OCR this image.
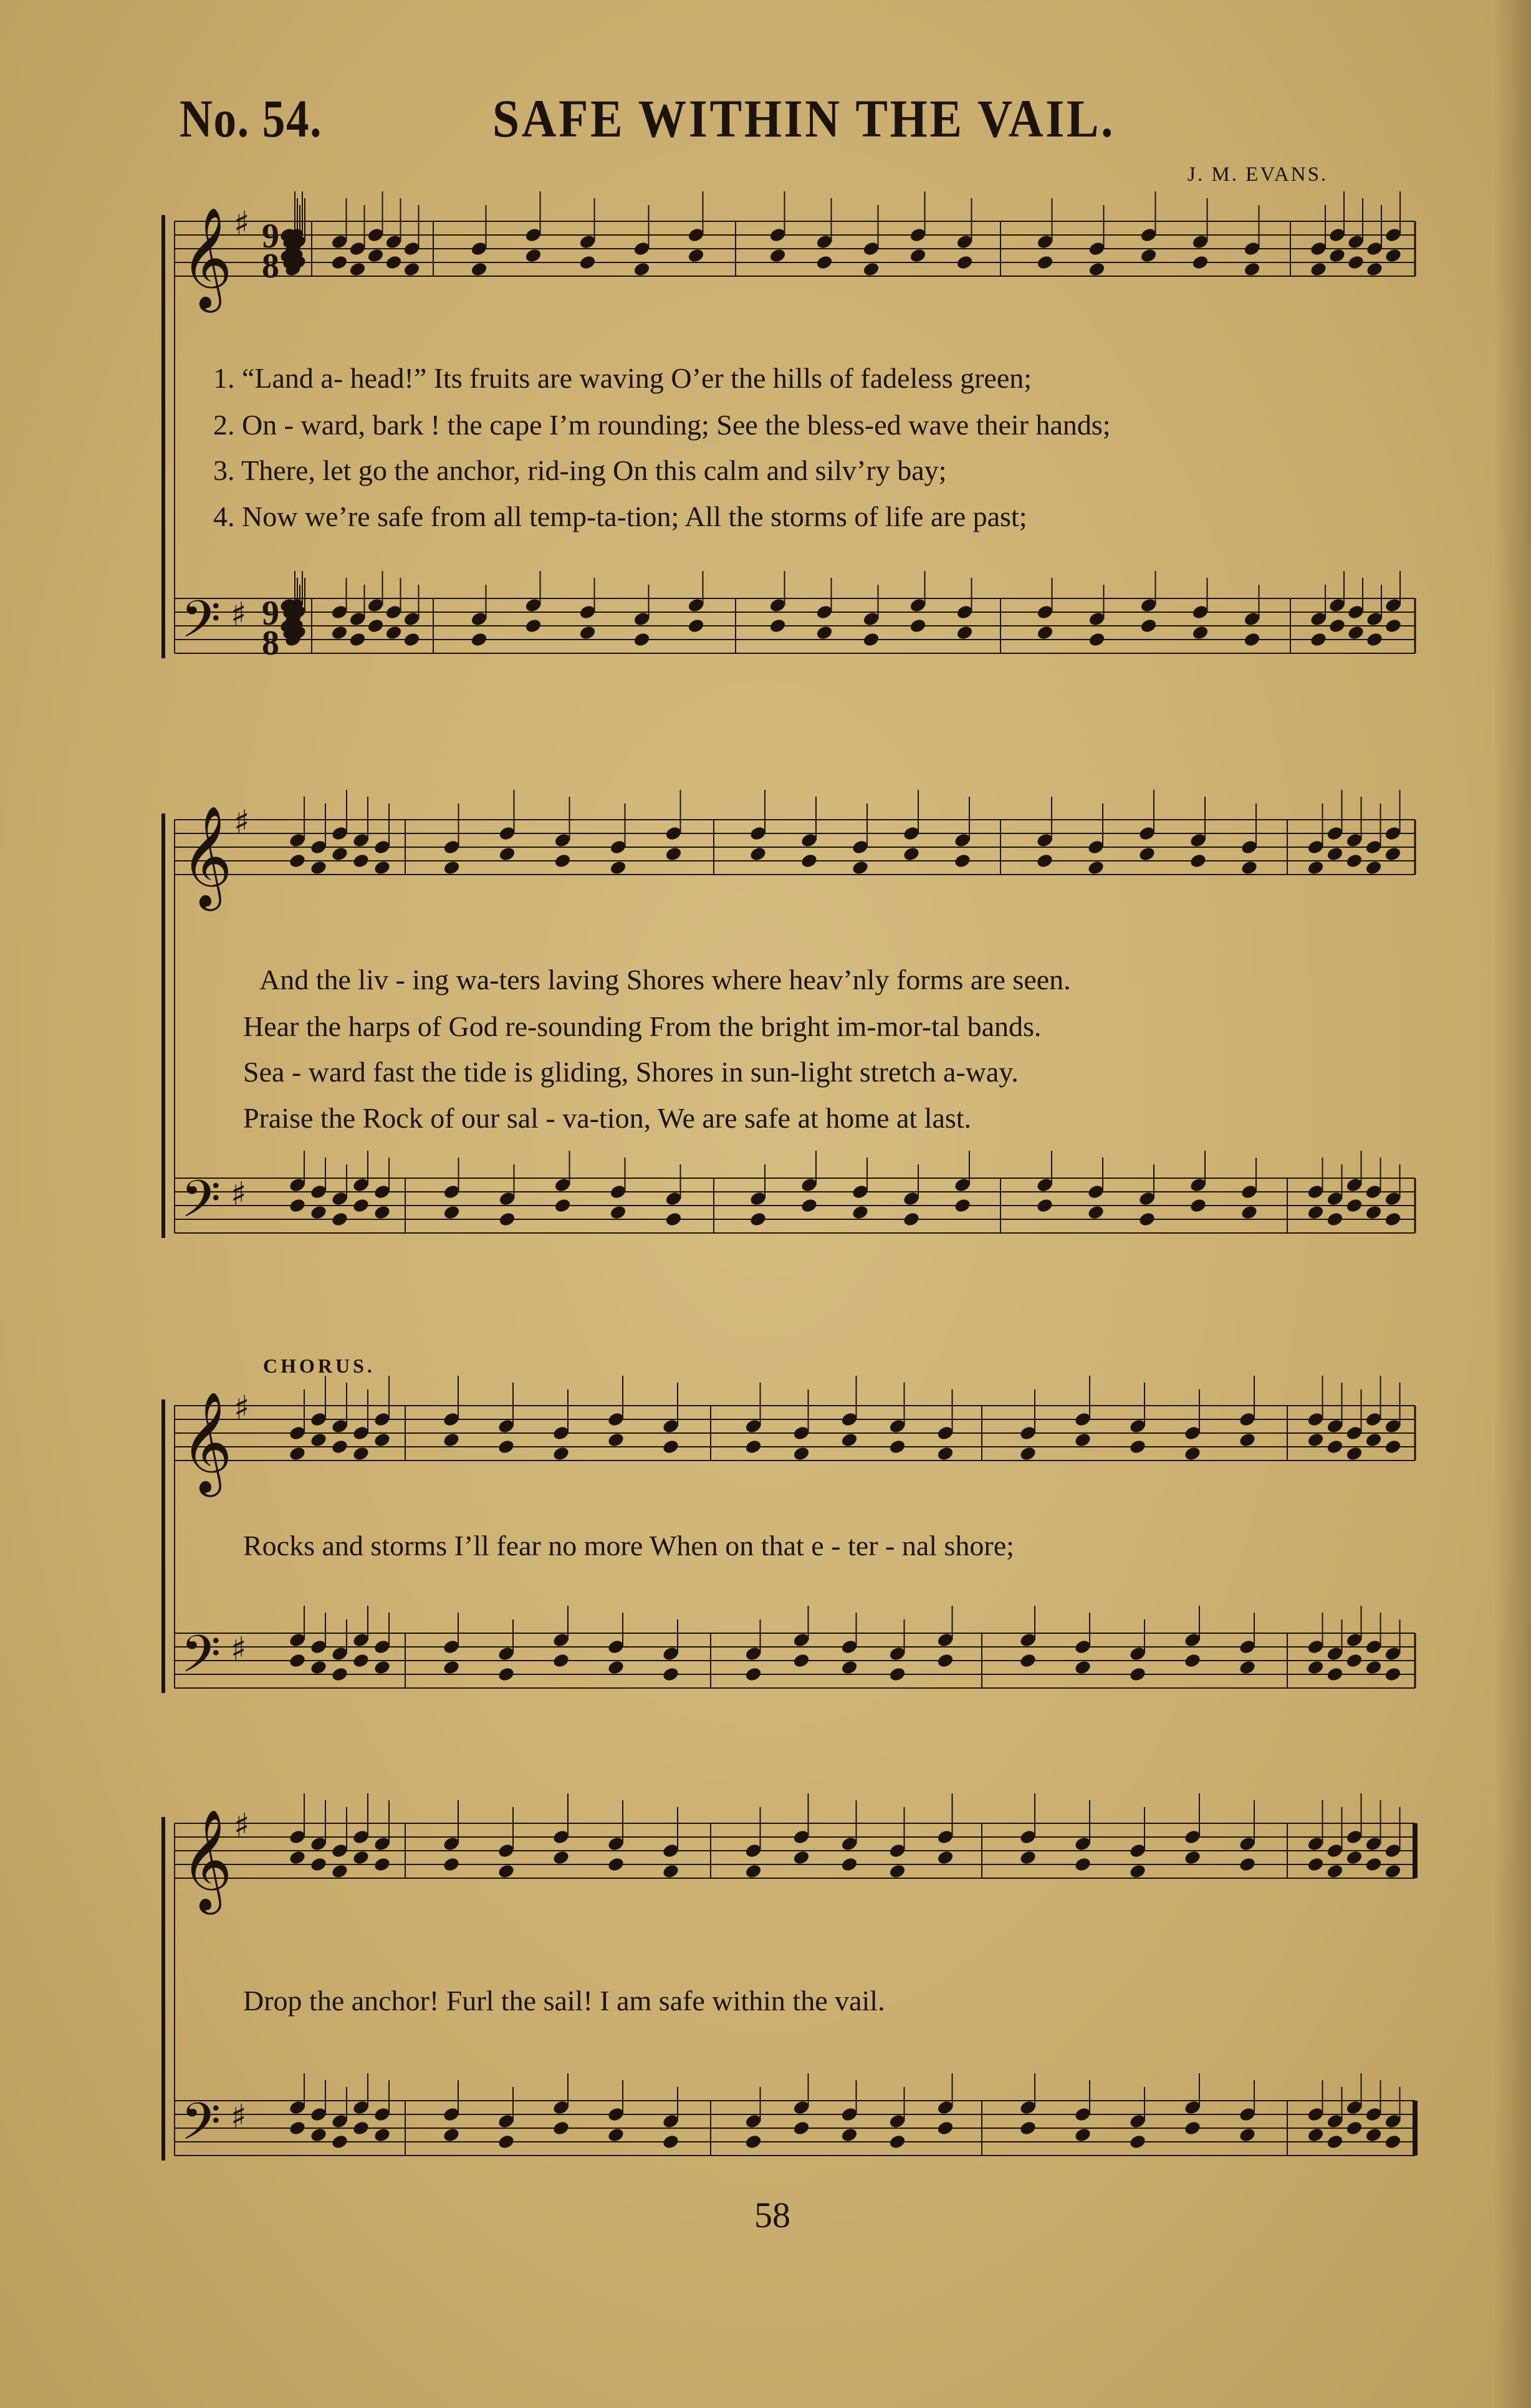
No. 54.	SAFE WITHIN THE VAIL.
J. M. EVANS.
CHORUS.
1. “Land a- head!” Its fruits are waving O’er the hills of fadeless green;
2. On - ward, bark ! the cape I’m rounding; See the bless-ed wave their hands;
3. There, let go the anchor, rid-ing On this calm and silv’ry bay;
4. Now we’re safe from all temp-ta-tion; All the storms of life are past;
And the liv - ing wa-ters laving Shores where heav’nly forms are seen.
Hear the harps of God re-sounding From the bright im-mor-tal bands.
Sea - ward fast the tide is gliding, Shores in sun-light stretch a-way.
Praise the Rock of our sal - va-tion, We are safe at home at last.
Rocks and storms I’ll fear no more When on that e - ter - nal shore;
Drop the anchor! Furl the sail! I am safe within the vail.
58
𝄞
𝄢
♯
♯
9
8
9
8
𝄞
𝄢
♯
♯
𝄞
𝄢
♯
♯
𝄞
𝄢
♯
♯
